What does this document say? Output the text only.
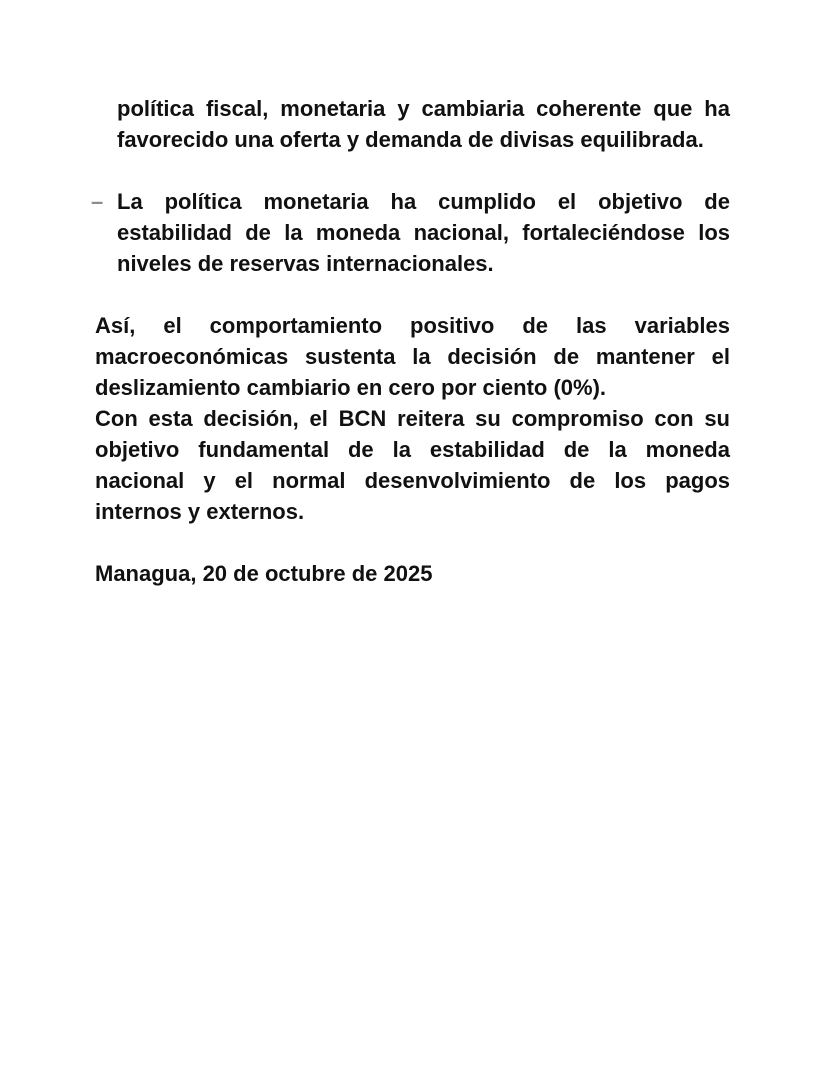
política fiscal, monetaria y cambiaria coherente que ha favorecido una oferta y demanda de divisas equilibrada.

– La política monetaria ha cumplido el objetivo de estabilidad de la moneda nacional, fortaleciéndose los niveles de reservas internacionales.

Así, el comportamiento positivo de las variables macroeconómicas sustenta la decisión de mantener el deslizamiento cambiario en cero por ciento (0%).

Con esta decisión, el BCN reitera su compromiso con su objetivo fundamental de la estabilidad de la moneda nacional y el normal desenvolvimiento de los pagos internos y externos.

Managua, 20 de octubre de 2025
